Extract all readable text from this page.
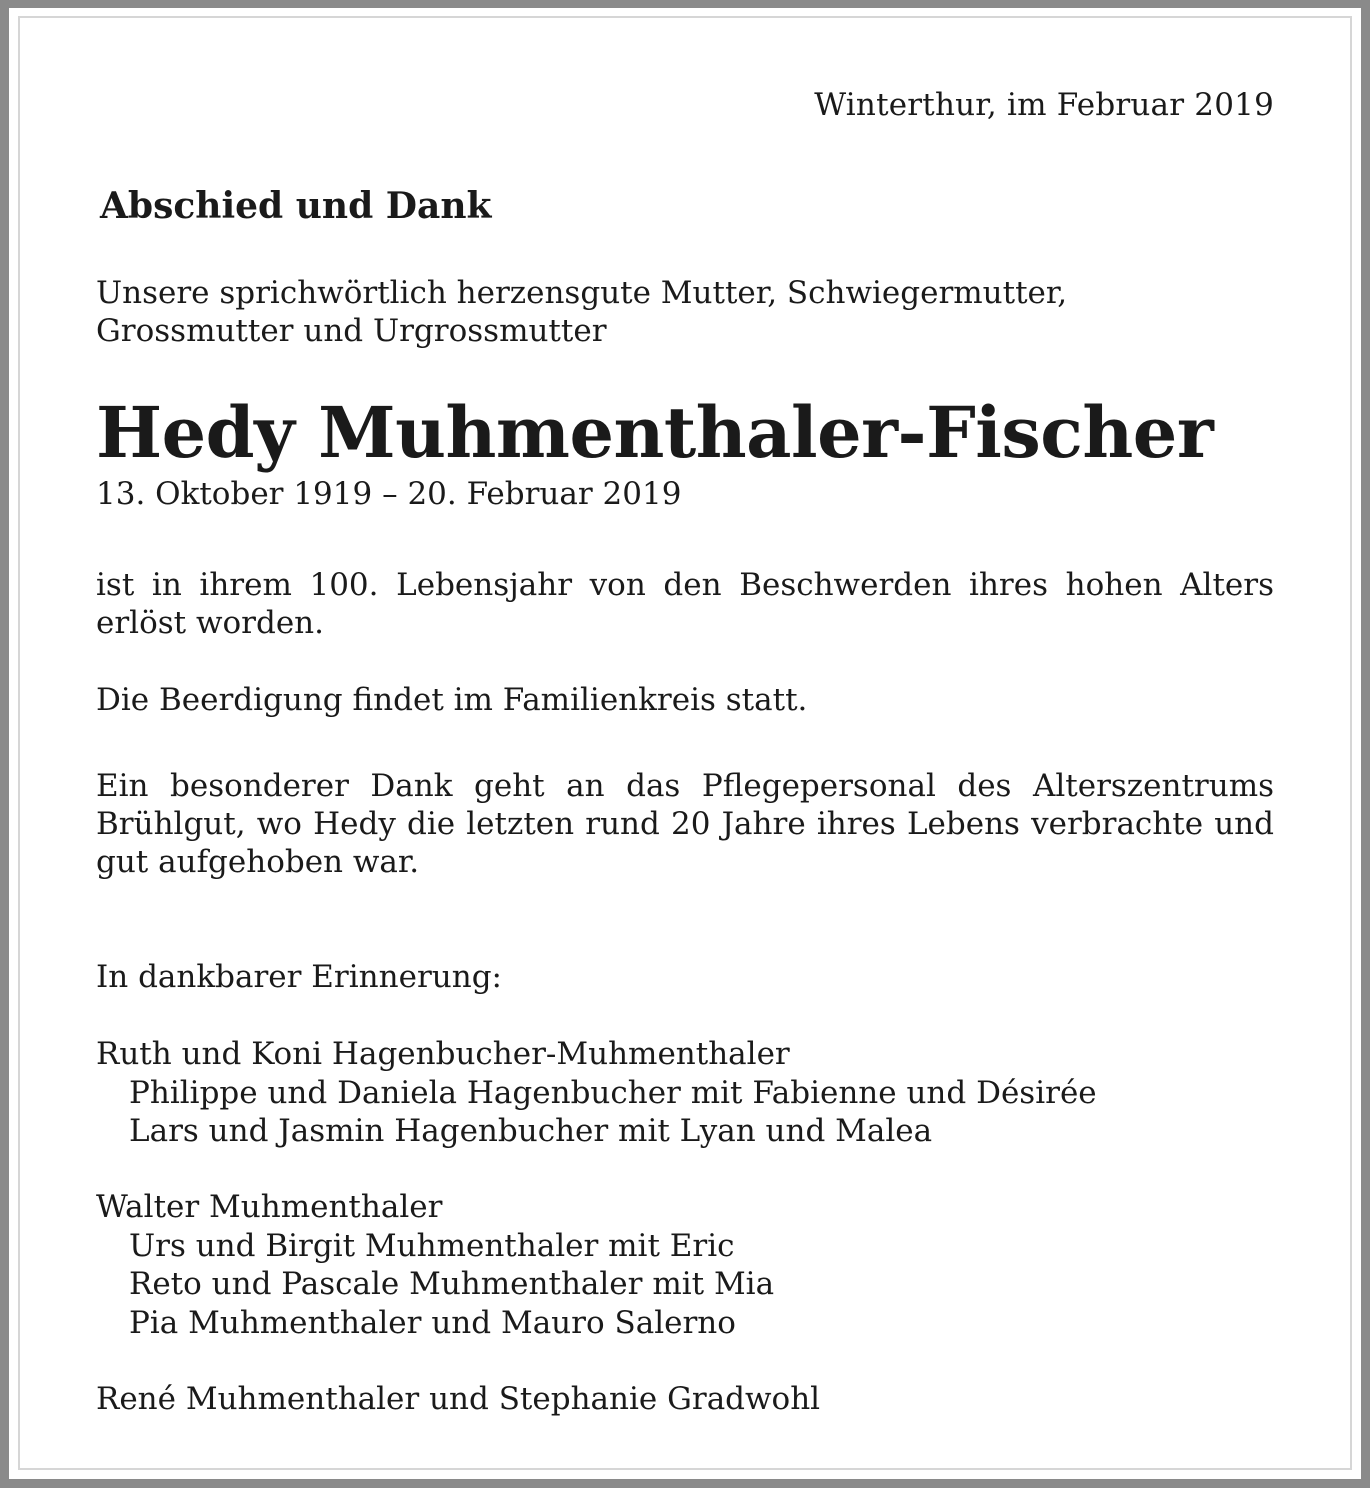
Winterthur, im Februar 2019
Abschied und Dank
Unsere sprichwörtlich herzensgute Mutter, Schwiegermutter,
Grossmutter und Urgrossmutter
Hedy Muhmenthaler-Fischer
13. Oktober 1919 – 20. Februar 2019
ist in ihrem 100. Lebensjahr von den Beschwerden ihres hohen Alters erlöst worden.
Die Beerdigung findet im Familienkreis statt.
Ein besonderer Dank geht an das Pflegepersonal des Alterszentrums Brühlgut, wo Hedy die letzten rund 20 Jahre ihres Lebens verbrachte und gut aufgehoben war.
In dankbarer Erinnerung:
Ruth und Koni Hagenbucher-Muhmenthaler
Philippe und Daniela Hagenbucher mit Fabienne und Désirée
Lars und Jasmin Hagenbucher mit Lyan und Malea
Walter Muhmenthaler
Urs und Birgit Muhmenthaler mit Eric
Reto und Pascale Muhmenthaler mit Mia
Pia Muhmenthaler und Mauro Salerno
René Muhmenthaler und Stephanie Gradwohl
